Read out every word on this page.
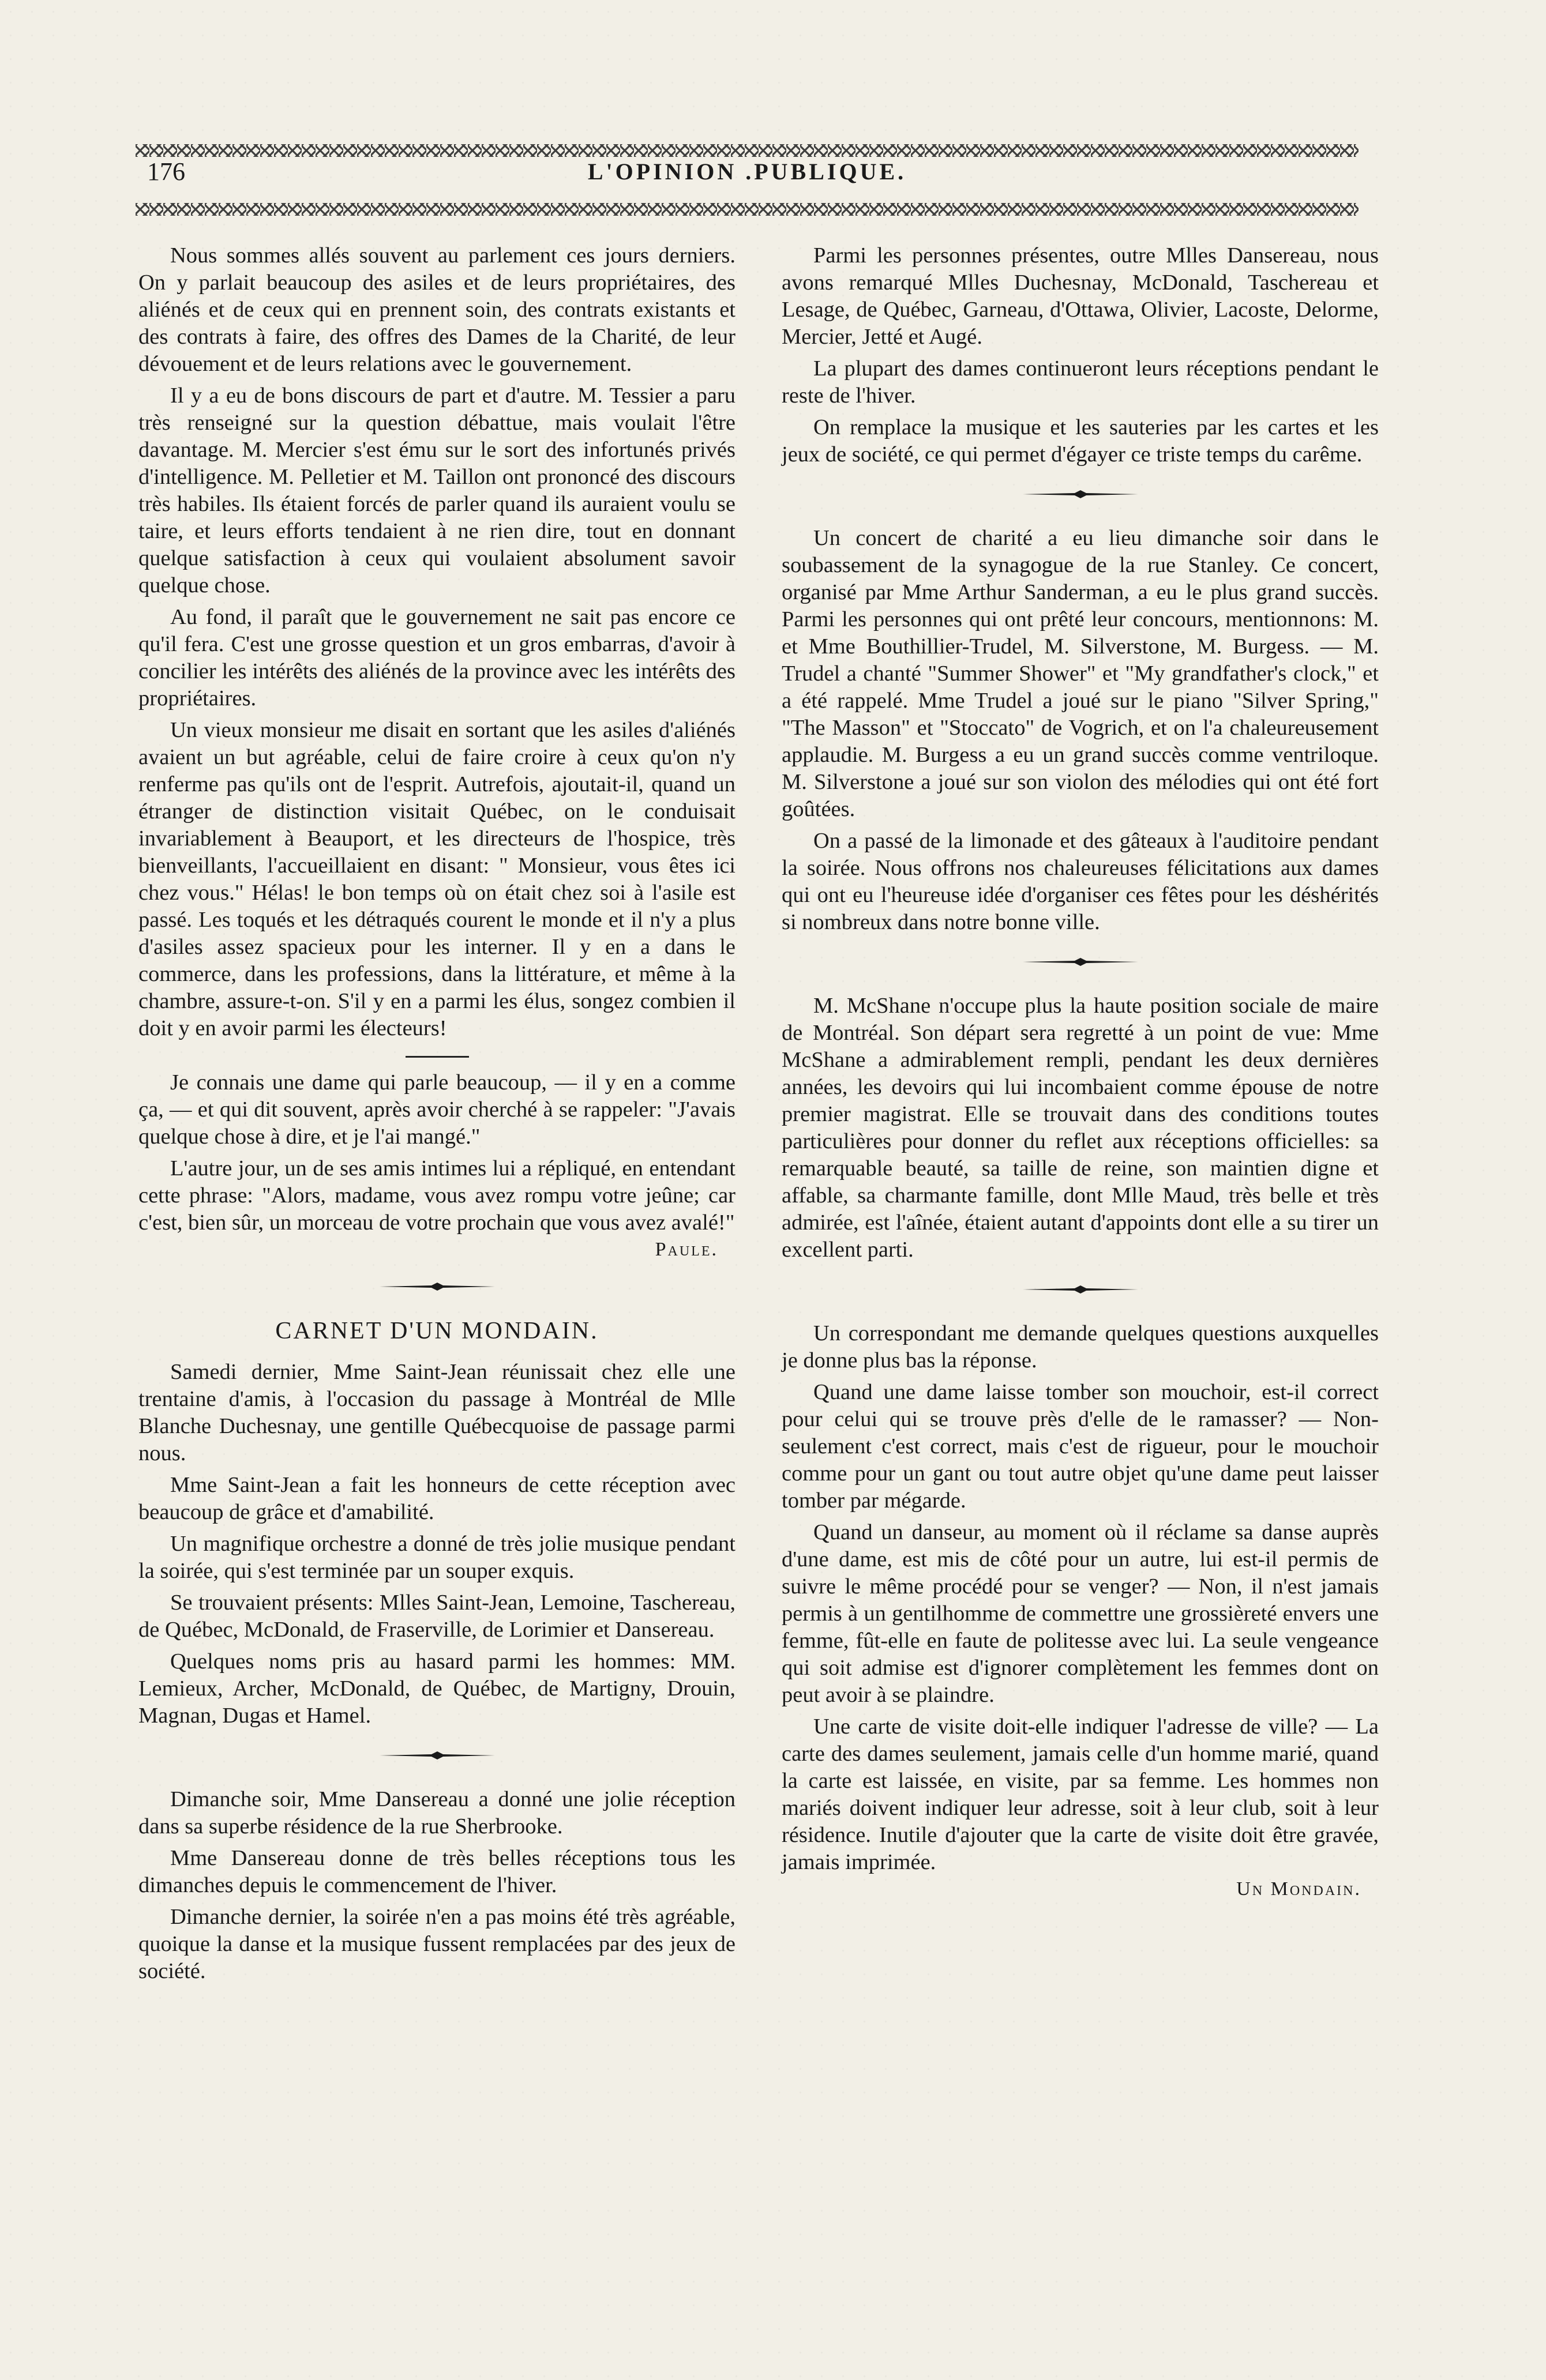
176	L'OPINION .PUBLIQUE.

Nous sommes allés souvent au parlement ces jours derniers. On y parlait beaucoup des asiles et de leurs propriétaires, des aliénés et de ceux qui en prennent soin, des contrats existants et des contrats à faire, des offres des Dames de la Charité, de leur dévouement et de leurs relations avec le gouvernement.

Il y a eu de bons discours de part et d'autre. M. Tessier a paru très renseigné sur la question débattue, mais voulait l'être davantage. M. Mercier s'est ému sur le sort des infortunés privés d'intelligence. M. Pelletier et M. Taillon ont prononcé des discours très habiles. Ils étaient forcés de parler quand ils auraient voulu se taire, et leurs efforts tendaient à ne rien dire, tout en donnant quelque satisfaction à ceux qui voulaient absolument savoir quelque chose.

Au fond, il paraît que le gouvernement ne sait pas encore ce qu'il fera. C'est une grosse question et un gros embarras, d'avoir à concilier les intérêts des aliénés de la province avec les intérêts des propriétaires.

Un vieux monsieur me disait en sortant que les asiles d'aliénés avaient un but agréable, celui de faire croire à ceux qu'on n'y renferme pas qu'ils ont de l'esprit. Autrefois, ajoutait-il, quand un étranger de distinction visitait Québec, on le conduisait invariablement à Beauport, et les directeurs de l'hospice, très bienveillants, l'accueillaient en disant: " Monsieur, vous êtes ici chez vous." Hélas! le bon temps où on était chez soi à l'asile est passé. Les toqués et les détraqués courent le monde et il n'y a plus d'asiles assez spacieux pour les interner. Il y en a dans le commerce, dans les professions, dans la littérature, et même à la chambre, assure-t-on. S'il y en a parmi les élus, songez combien il doit y en avoir parmi les électeurs!

Je connais une dame qui parle beaucoup, — il y en a comme ça, — et qui dit souvent, après avoir cherché à se rappeler: "J'avais quelque chose à dire, et je l'ai mangé."

L'autre jour, un de ses amis intimes lui a répliqué, en entendant cette phrase: "Alors, madame, vous avez rompu votre jeûne; car c'est, bien sûr, un morceau de votre prochain que vous avez avalé!"

Paule.
CARNET D'UN MONDAIN.

Samedi dernier, Mme Saint-Jean réunissait chez elle une trentaine d'amis, à l'occasion du passage à Montréal de Mlle Blanche Duchesnay, une gentille Québecquoise de passage parmi nous.

Mme Saint-Jean a fait les honneurs de cette réception avec beaucoup de grâce et d'amabilité.

Un magnifique orchestre a donné de très jolie musique pendant la soirée, qui s'est terminée par un souper exquis.

Se trouvaient présents: Mlles Saint-Jean, Lemoine, Taschereau, de Québec, McDonald, de Fraserville, de Lorimier et Dansereau.

Quelques noms pris au hasard parmi les hommes: MM. Lemieux, Archer, McDonald, de Québec, de Martigny, Drouin, Magnan, Dugas et Hamel.

Dimanche soir, Mme Dansereau a donné une jolie réception dans sa superbe résidence de la rue Sherbrooke.

Mme Dansereau donne de très belles réceptions tous les dimanches depuis le commencement de l'hiver.

Dimanche dernier, la soirée n'en a pas moins été très agréable, quoique la danse et la musique fussent remplacées par des jeux de société.

Parmi les personnes présentes, outre Mlles Dansereau, nous avons remarqué Mlles Duchesnay, McDonald, Taschereau et Lesage, de Québec, Garneau, d'Ottawa, Olivier, Lacoste, Delorme, Mercier, Jetté et Augé.

La plupart des dames continueront leurs réceptions pendant le reste de l'hiver.

On remplace la musique et les sauteries par les cartes et les jeux de société, ce qui permet d'égayer ce triste temps du carême.

Un concert de charité a eu lieu dimanche soir dans le soubassement de la synagogue de la rue Stanley. Ce concert, organisé par Mme Arthur Sanderman, a eu le plus grand succès. Parmi les personnes qui ont prêté leur concours, mentionnons: M. et Mme Bouthillier-Trudel, M. Silverstone, M. Burgess. — M. Trudel a chanté "Summer Shower" et "My grandfather's clock," et a été rappelé. Mme Trudel a joué sur le piano "Silver Spring," "The Masson" et "Stoccato" de Vogrich, et on l'a chaleureusement applaudie. M. Burgess a eu un grand succès comme ventriloque. M. Silverstone a joué sur son violon des mélodies qui ont été fort goûtées.

On a passé de la limonade et des gâteaux à l'auditoire pendant la soirée. Nous offrons nos chaleureuses félicitations aux dames qui ont eu l'heureuse idée d'organiser ces fêtes pour les déshérités si nombreux dans notre bonne ville.

M. McShane n'occupe plus la haute position sociale de maire de Montréal. Son départ sera regretté à un point de vue: Mme McShane a admirablement rempli, pendant les deux dernières années, les devoirs qui lui incombaient comme épouse de notre premier magistrat. Elle se trouvait dans des conditions toutes particulières pour donner du reflet aux réceptions officielles: sa remarquable beauté, sa taille de reine, son maintien digne et affable, sa charmante famille, dont Mlle Maud, très belle et très admirée, est l'aînée, étaient autant d'appoints dont elle a su tirer un excellent parti.

Un correspondant me demande quelques questions auxquelles je donne plus bas la réponse.

Quand une dame laisse tomber son mouchoir, est-il correct pour celui qui se trouve près d'elle de le ramasser? — Non-seulement c'est correct, mais c'est de rigueur, pour le mouchoir comme pour un gant ou tout autre objet qu'une dame peut laisser tomber par mégarde.

Quand un danseur, au moment où il réclame sa danse auprès d'une dame, est mis de côté pour un autre, lui est-il permis de suivre le même procédé pour se venger? — Non, il n'est jamais permis à un gentilhomme de commettre une grossièreté envers une femme, fût-elle en faute de politesse avec lui. La seule vengeance qui soit admise est d'ignorer complètement les femmes dont on peut avoir à se plaindre.

Une carte de visite doit-elle indiquer l'adresse de ville? — La carte des dames seulement, jamais celle d'un homme marié, quand la carte est laissée, en visite, par sa femme. Les hommes non mariés doivent indiquer leur adresse, soit à leur club, soit à leur résidence. Inutile d'ajouter que la carte de visite doit être gravée, jamais imprimée.

Un Mondain.
